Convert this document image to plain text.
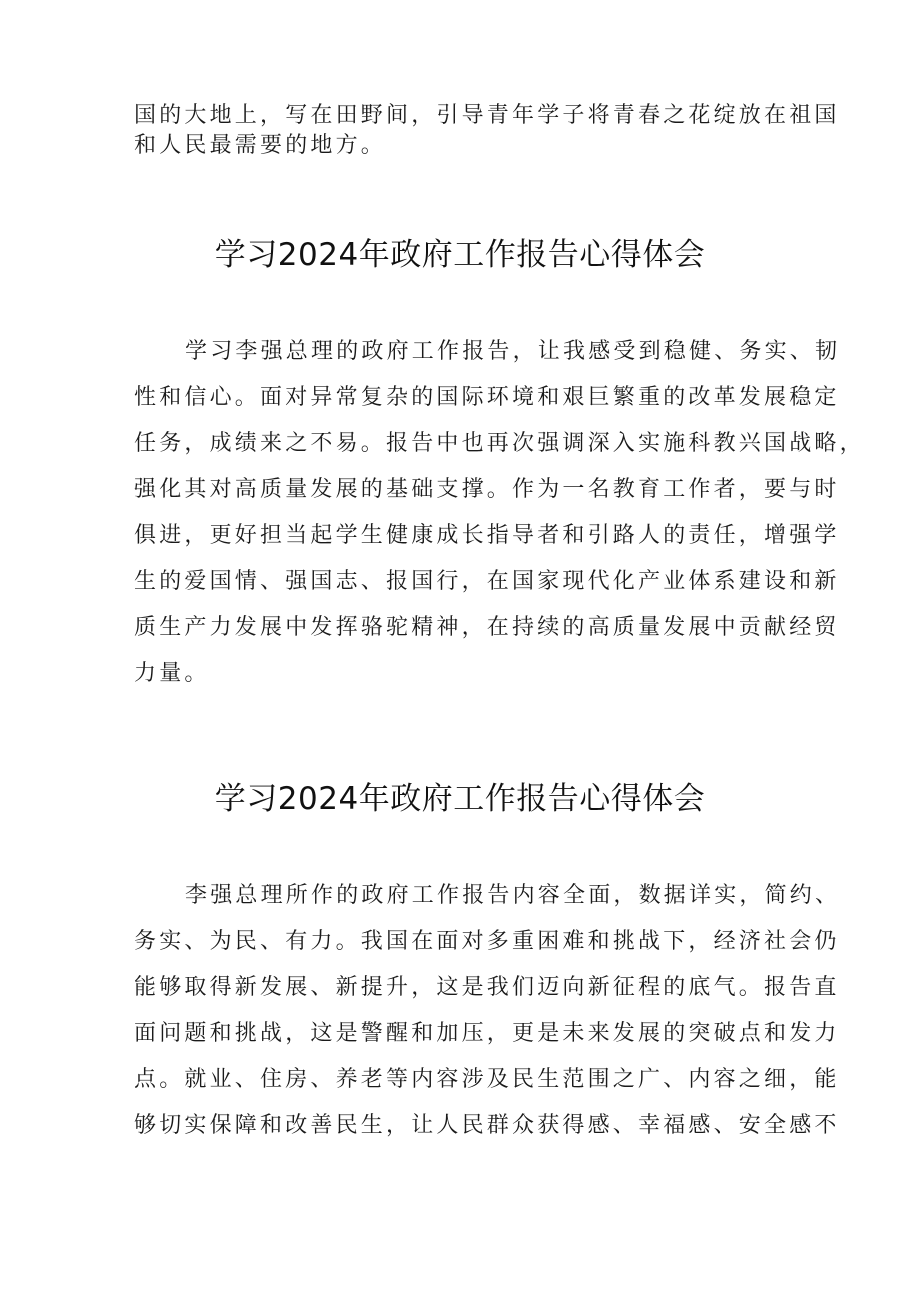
国的大地上，写在田野间，引导青年学子将青春之花绽放在祖国
和人民最需要的地方。
学习2024年政府工作报告心得体会
学习李强总理的政府工作报告，让我感受到稳健、务实、韧
性和信心。面对异常复杂的国际环境和艰巨繁重的改革发展稳定
任务，成绩来之不易。报告中也再次强调深入实施科教兴国战略，
强化其对高质量发展的基础支撑。作为一名教育工作者，要与时
俱进，更好担当起学生健康成长指导者和引路人的责任，增强学
生的爱国情、强国志、报国行，在国家现代化产业体系建设和新
质生产力发展中发挥骆驼精神，在持续的高质量发展中贡献经贸
力量。
学习2024年政府工作报告心得体会
李强总理所作的政府工作报告内容全面，数据详实，简约、
务实、为民、有力。我国在面对多重困难和挑战下，经济社会仍
能够取得新发展、新提升，这是我们迈向新征程的底气。报告直
面问题和挑战，这是警醒和加压，更是未来发展的突破点和发力
点。就业、住房、养老等内容涉及民生范围之广、内容之细，能
够切实保障和改善民生，让人民群众获得感、幸福感、安全感不
